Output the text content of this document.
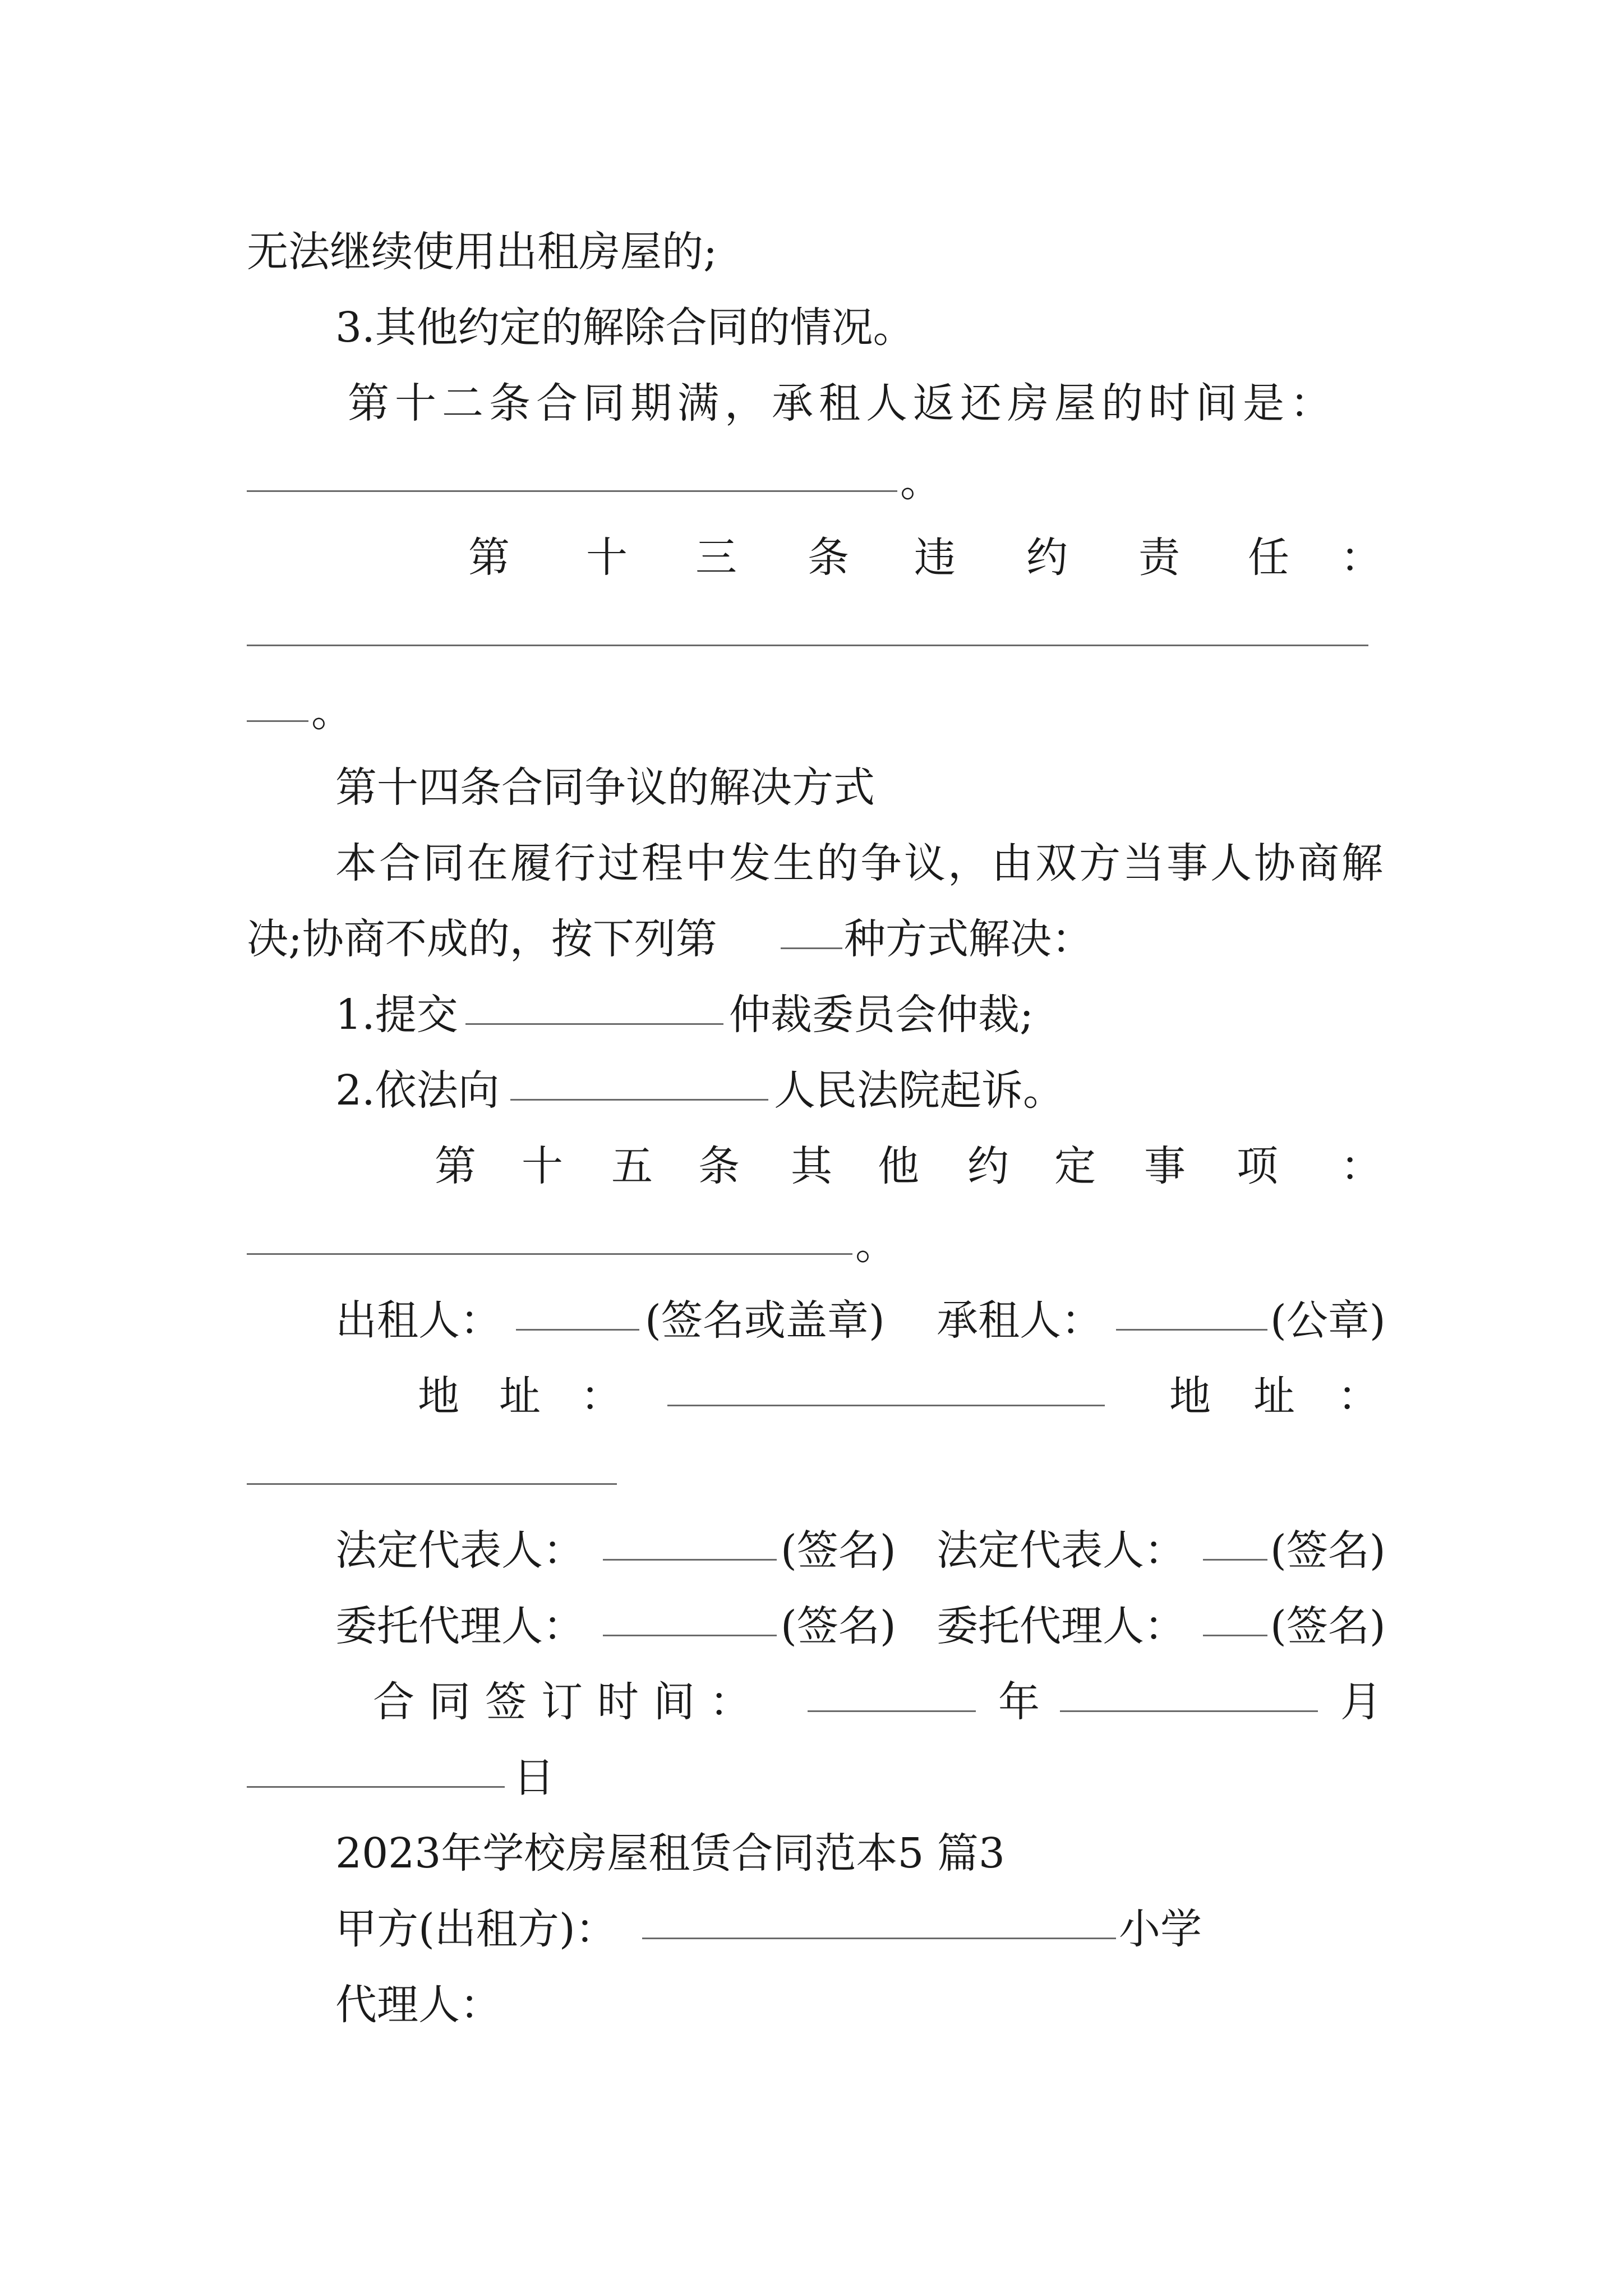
无法继续使用出租房屋的;
3.其他约定的解除合同的情况。
第十二条合同期满，承租人返还房屋的时间是：
。
第 十 三 条 违 约 责 任 ：
。
第十四条合同争议的解决方式
本合同在履行过程中发生的争议，由双方当事人协商解
决;协商不成的，按下列第	种方式解决：
1.提交	仲裁委员会仲裁;
2.依法向	人民法院起诉。
第 十 五 条 其 他 约 定 事 项 ：
。
出租人：	(签名或盖章) 承租人：	(公章)
地 址 ：	地 址 ：
法定代表人：	(签名) 法定代表人： (签名)
委托代理人：	(签名) 委托代理人： (签名)
合 同 签 订 时 间 ：	年	月
日
2023年学校房屋租赁合同范本5 篇3
甲方(出租方)：	小学
代理人：
